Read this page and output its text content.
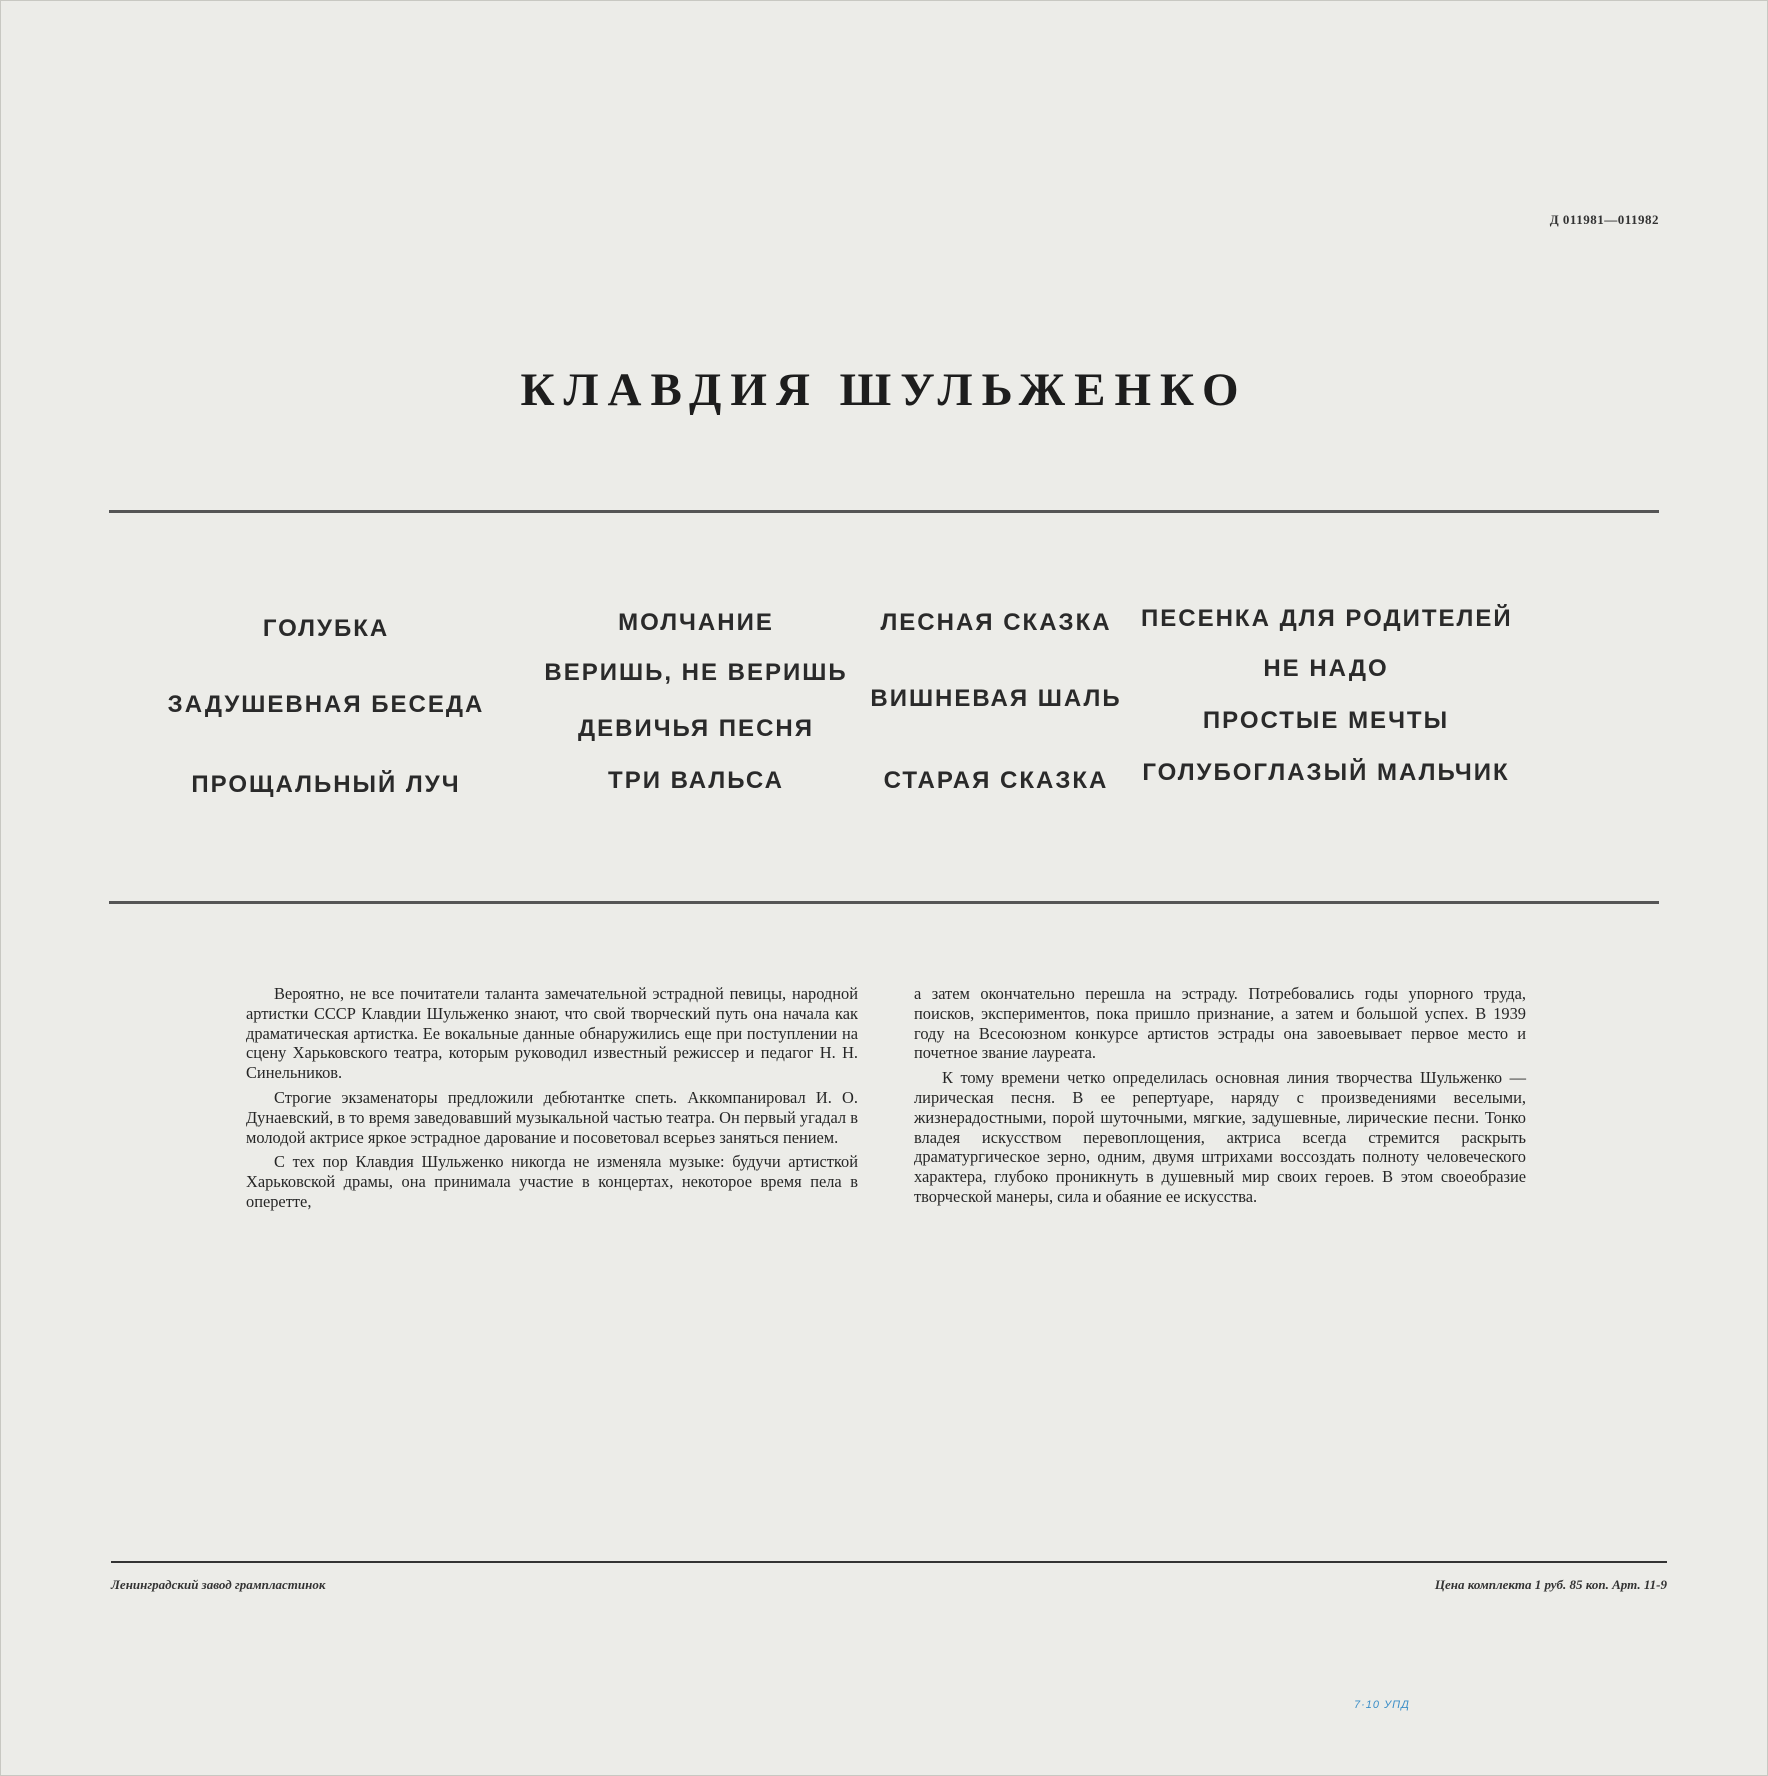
Д 011981—011982
КЛАВДИЯ ШУЛЬЖЕНКО
ГОЛУБКА
ЗАДУШЕВНАЯ БЕСЕДА
ПРОЩАЛЬНЫЙ ЛУЧ
МОЛЧАНИЕ
ВЕРИШЬ, НЕ ВЕРИШЬ
ДЕВИЧЬЯ ПЕСНЯ
ТРИ ВАЛЬСА
ЛЕСНАЯ СКАЗКА
ВИШНЕВАЯ ШАЛЬ
СТАРАЯ СКАЗКА
ПЕСЕНКА ДЛЯ РОДИТЕЛЕЙ
НЕ НАДО
ПРОСТЫЕ МЕЧТЫ
ГОЛУБОГЛАЗЫЙ МАЛЬЧИК

Вероятно, не все почитатели таланта замечательной эстрадной певицы, народной артистки СССР Клавдии Шульженко знают, что свой творческий путь она начала как драматическая артистка. Ее вокальные данные обнаружились еще при поступлении на сцену Харьковского театра, которым руководил известный режиссер и педагог Н. Н. Синельников.

Строгие экзаменаторы предложили дебютантке спеть. Аккомпанировал И. О. Дунаевский, в то время заведовавший музыкальной частью театра. Он первый угадал в молодой актрисе яркое эстрадное дарование и посоветовал всерьез заняться пением.

С тех пор Клавдия Шульженко никогда не изменяла музыке: будучи артисткой Харьковской драмы, она принимала участие в концертах, некоторое время пела в оперетте,

а затем окончательно перешла на эстраду. Потребовались годы упорного труда, поисков, экспериментов, пока пришло признание, а затем и большой успех. В 1939 году на Всесоюзном конкурсе артистов эстрады она завоевывает первое место и почетное звание лауреата.

К тому времени четко определилась основная линия творчества Шульженко — лирическая песня. В ее репертуаре, наряду с произведениями веселыми, жизнерадостными, порой шуточными, мягкие, задушевные, лирические песни. Тонко владея искусством перевоплощения, актриса всегда стремится раскрыть драматургическое зерно, одним, двумя штрихами воссоздать полноту человеческого характера, глубоко проникнуть в душевный мир своих героев. В этом своеобразие творческой манеры, сила и обаяние ее искусства.

Ленинградский завод грампластинок	Цена комплекта 1 руб. 85 коп. Арт. 11-9
7·10 УПД
